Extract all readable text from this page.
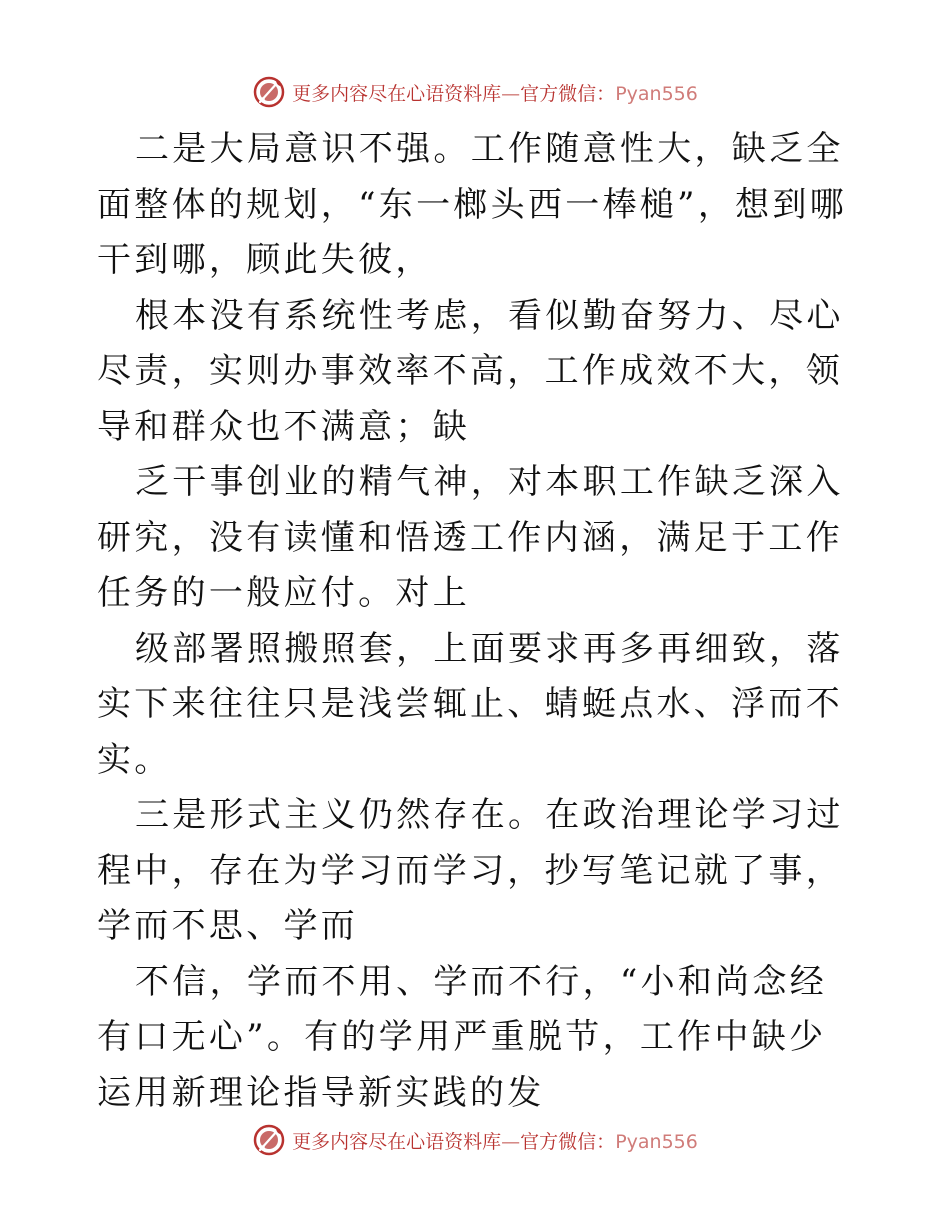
更多内容尽在心语资料库—官方微信：Pyan556

二是大局意识不强。工作随意性大，缺乏全面整体的规划，“东一榔头西一棒槌”，想到哪干到哪，顾此失彼，

根本没有系统性考虑，看似勤奋努力、尽心尽责，实则办事效率不高，工作成效不大，领导和群众也不满意；缺

乏干事创业的精气神，对本职工作缺乏深入研究，没有读懂和悟透工作内涵，满足于工作任务的一般应付。对上

级部署照搬照套，上面要求再多再细致，落实下来往往只是浅尝辄止、蜻蜓点水、浮而不实。

三是形式主义仍然存在。在政治理论学习过程中，存在为学习而学习，抄写笔记就了事，学而不思、学而

不信，学而不用、学而不行，“小和尚念经有口无心”。有的学用严重脱节，工作中缺少运用新理论指导新实践的发

更多内容尽在心语资料库—官方微信：Pyan556
